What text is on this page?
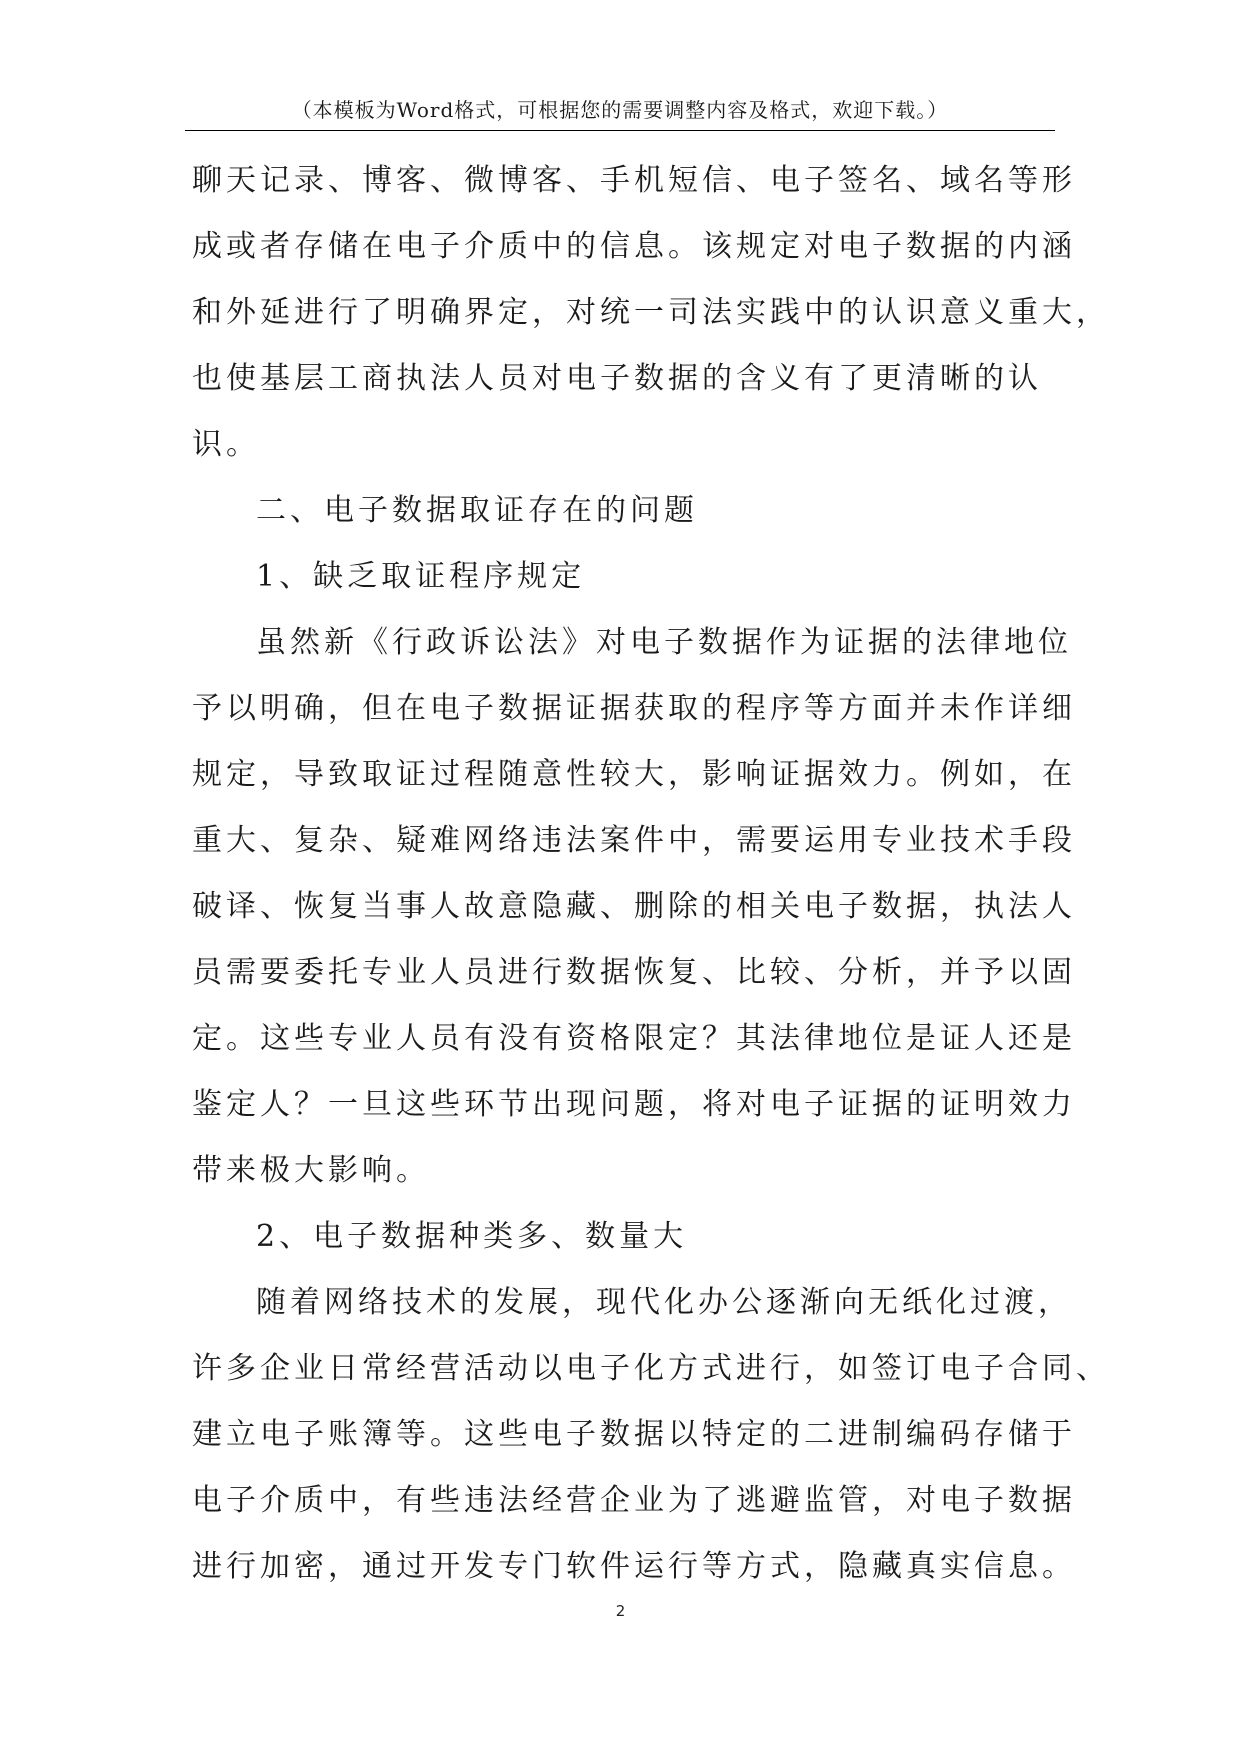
（本模板为Word格式，可根据您的需要调整内容及格式，欢迎下载。）
聊天记录、博客、微博客、手机短信、电子签名、域名等形
成或者存储在电子介质中的信息。该规定对电子数据的内涵
和外延进行了明确界定，对统一司法实践中的认识意义重大，
也使基层工商执法人员对电子数据的含义有了更清晰的认
识。
二、电子数据取证存在的问题
1、缺乏取证程序规定
虽然新《行政诉讼法》对电子数据作为证据的法律地位
予以明确，但在电子数据证据获取的程序等方面并未作详细
规定，导致取证过程随意性较大，影响证据效力。例如，在
重大、复杂、疑难网络违法案件中，需要运用专业技术手段
破译、恢复当事人故意隐藏、删除的相关电子数据，执法人
员需要委托专业人员进行数据恢复、比较、分析，并予以固
定。这些专业人员有没有资格限定？其法律地位是证人还是
鉴定人？一旦这些环节出现问题，将对电子证据的证明效力
带来极大影响。
2、电子数据种类多、数量大
随着网络技术的发展，现代化办公逐渐向无纸化过渡，
许多企业日常经营活动以电子化方式进行，如签订电子合同、
建立电子账簿等。这些电子数据以特定的二进制编码存储于
电子介质中，有些违法经营企业为了逃避监管，对电子数据
进行加密，通过开发专门软件运行等方式，隐藏真实信息。
2
